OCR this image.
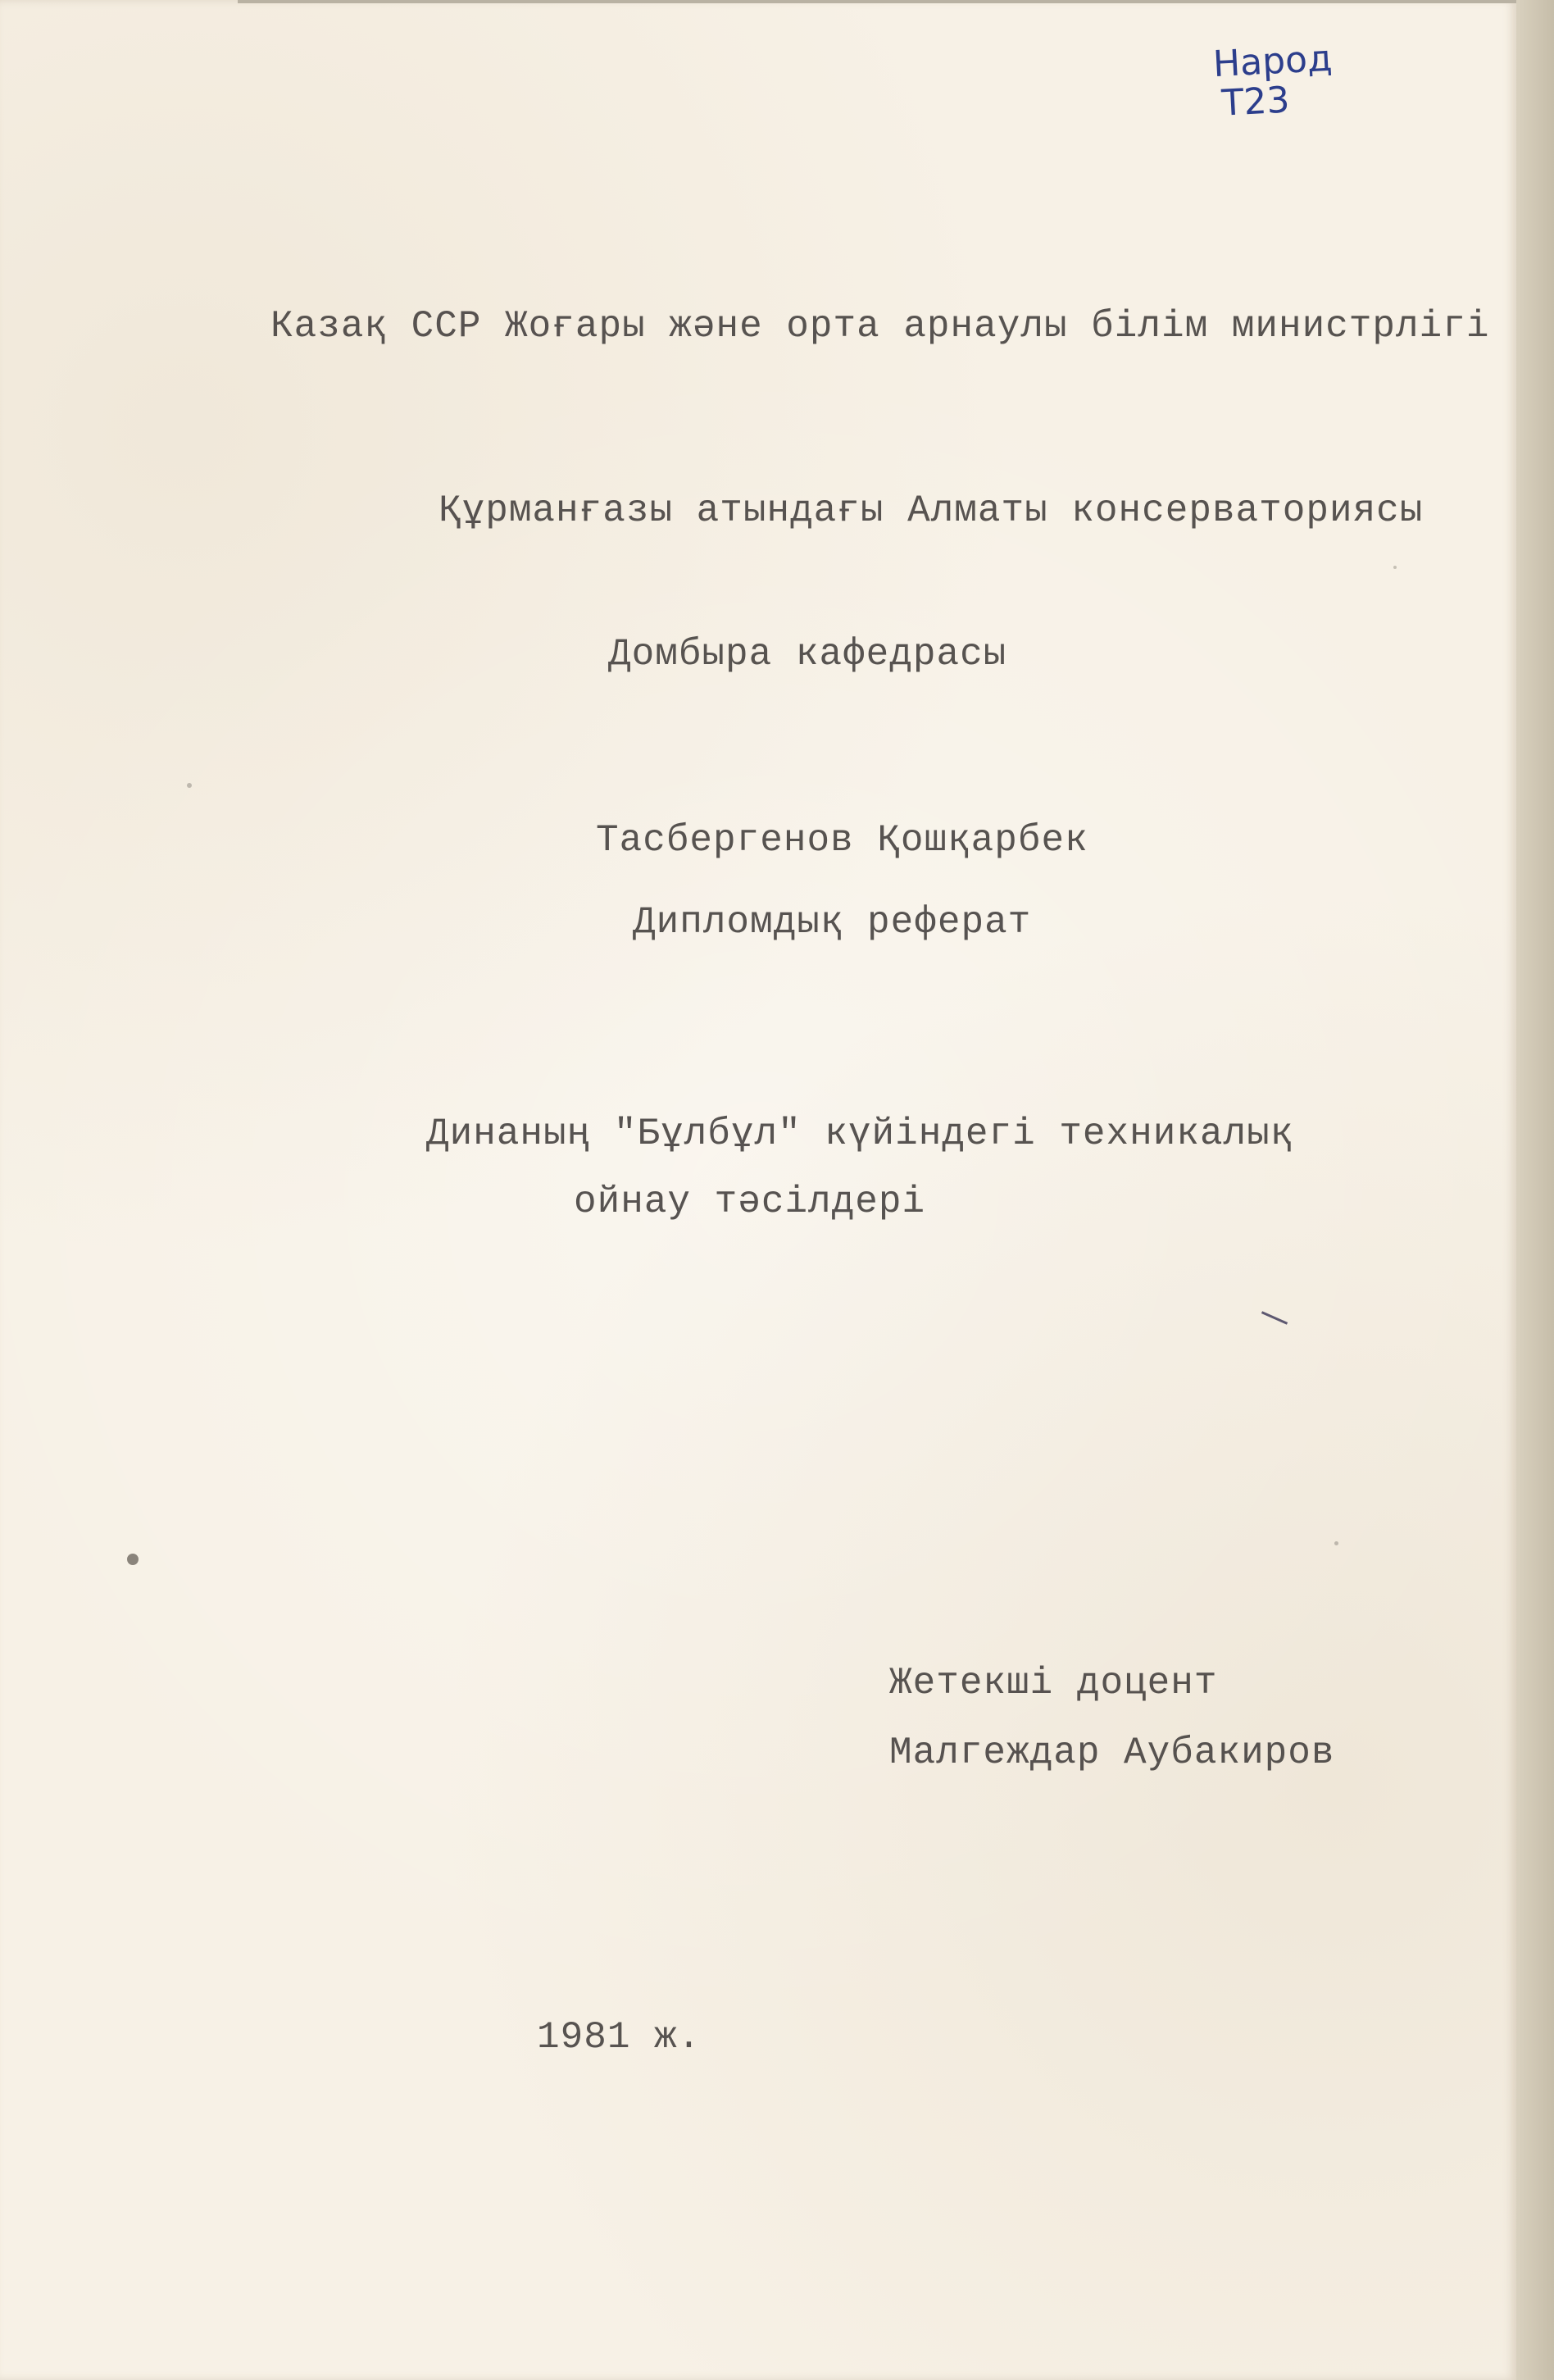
Народ
T23
Казақ ССР Жоғары және орта арнаулы білім министрлігі
Құрманғазы атындағы Алматы консерваториясы
Домбыра кафедрасы
Тасбергенов Қошқарбек
Дипломдық реферат
Динаның "Бұлбұл" күйіндегі техникалық
ойнау тәсілдері
Жетекші доцент
Малгеждар Аубакиров
1981 ж.
